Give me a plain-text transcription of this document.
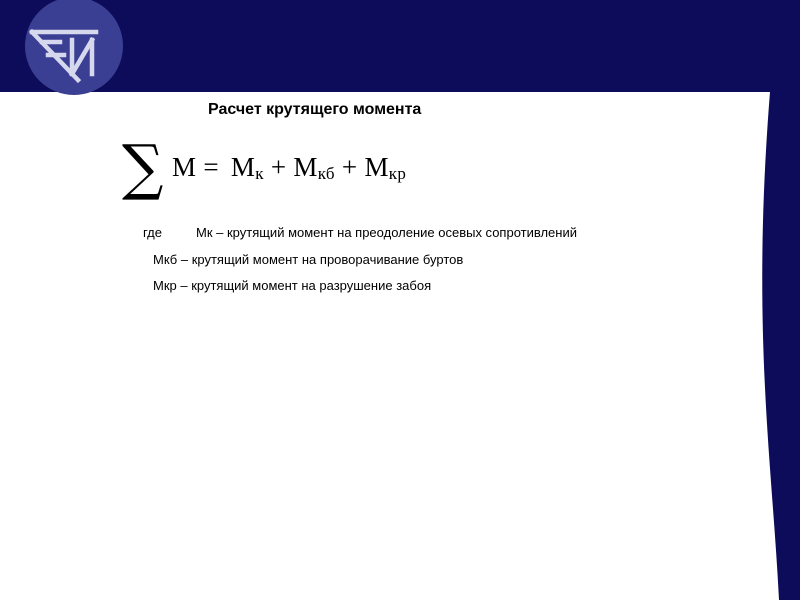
Расчет крутящего момента
∑ $M = M_к + M_{кб} + M_{кр}$
где	Мк – крутящий момент на преодоление осевых сопротивлений
Мкб – крутящий момент на проворачивание буртов
Мкр – крутящий момент на разрушение забоя
